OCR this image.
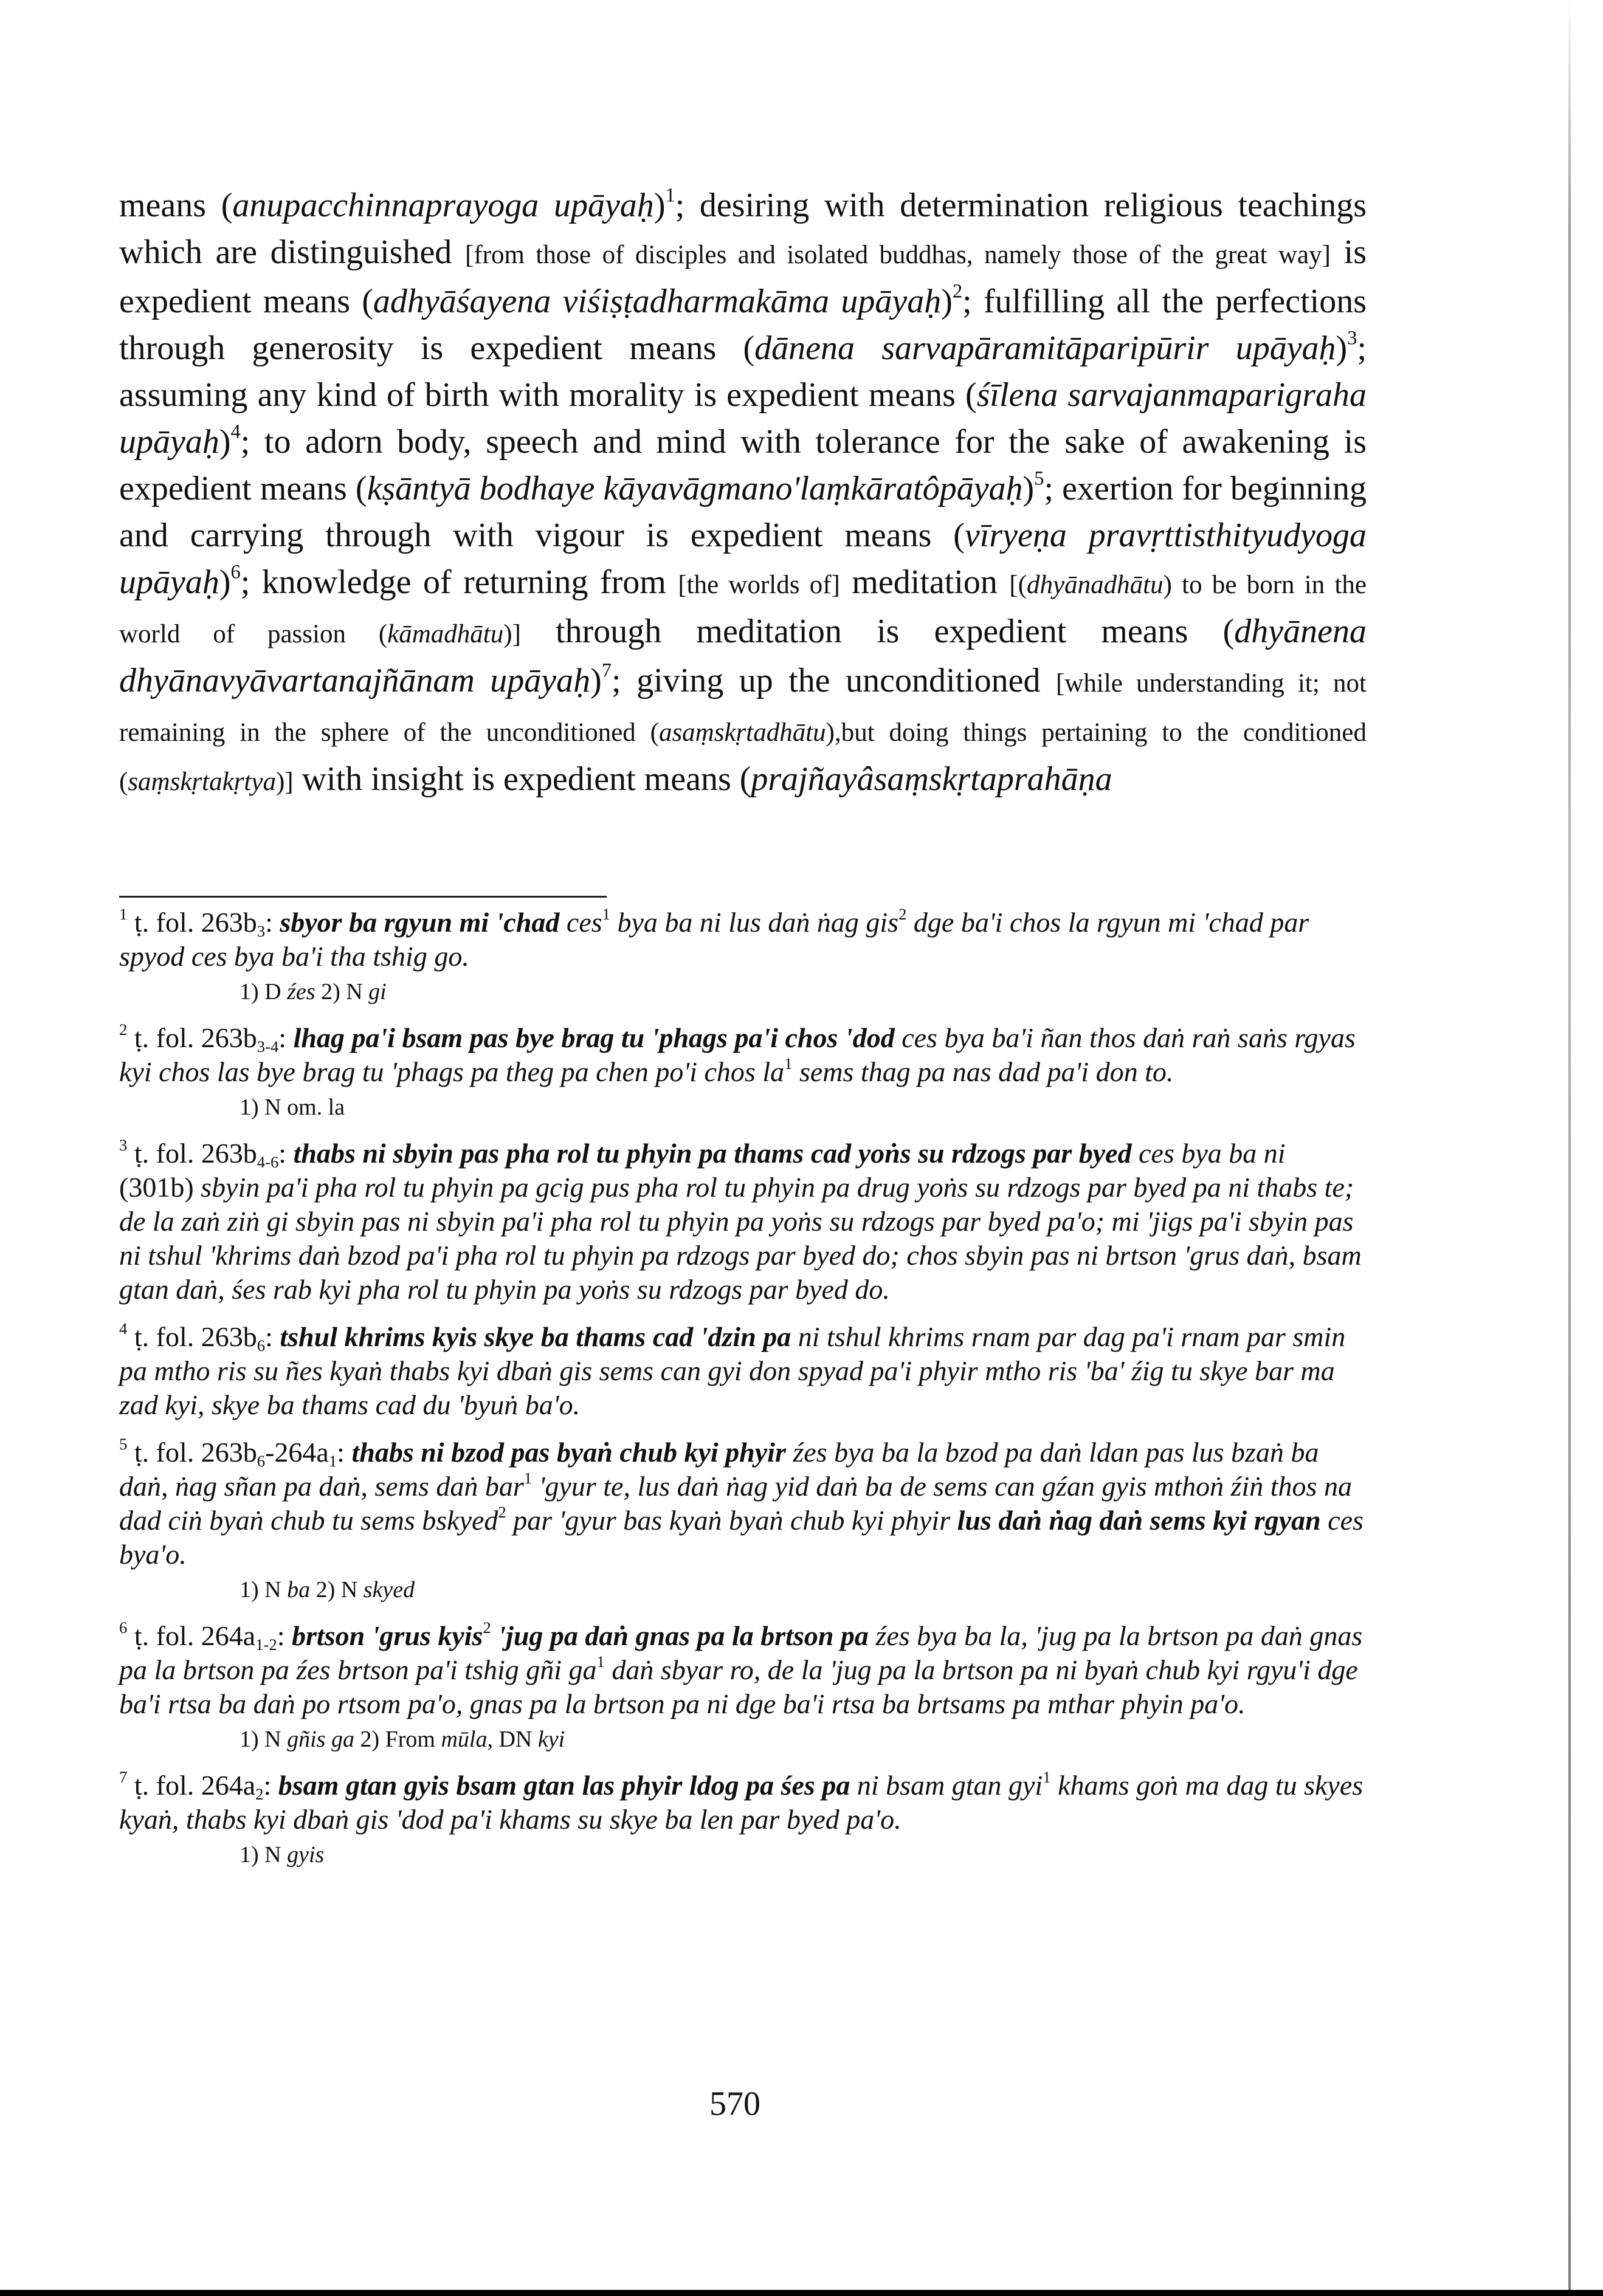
means (anupacchinnaprayoga upāyaḥ)$^1$; desiring with determination religious teachings which are distinguished [from those of disciples and isolated buddhas, namely those of the great way] is expedient means (adhyāśayena viśiṣṭadharmakāma upāyaḥ)$^2$; fulfilling all the perfections through generosity is expedient means (dānena sarvapāramitāparipūrir upāyaḥ)$^3$; assuming any kind of birth with morality is expedient means (śīlena sarvajanmaparigraha upāyaḥ)$^4$; to adorn body, speech and mind with tolerance for the sake of awakening is expedient means (kṣāntyā bodhaye kāyavāgmano'laṃkāratôpāyaḥ)$^5$; exertion for beginning and carrying through with vigour is expedient means (vīryeṇa pravṛttisthityudyoga upāyaḥ)$^6$; knowledge of returning from [the worlds of] meditation [(dhyānadhātu) to be born in the world of passion (kāmadhātu)] through meditation is expedient means (dhyānena dhyānavyāvartanajñānam upāyaḥ)$^7$; giving up the unconditioned [while understanding it; not remaining in the sphere of the unconditioned (asaṃskṛtadhātu),but doing things pertaining to the conditioned (saṃskṛtakṛtya)] with insight is expedient means (prajñayâsaṃskṛtaprahāṇa
$^1$ ṭ. fol. $263b_3$: sbyor ba rgyun mi 'chad ces$^1$ bya ba ni lus daṅ ṅag gis$^2$ dge ba'i chos la rgyun mi 'chad par spyod ces bya ba'i tha tshig go.
1) D źes 2) N gi
$^2$ ṭ. fol. $263b_{3-4}$: lhag pa'i bsam pas bye brag tu 'phags pa'i chos 'dod ces bya ba'i ñan thos daṅ raṅ saṅs rgyas kyi chos las bye brag tu 'phags pa theg pa chen po'i chos $la^1$ sems thag pa nas dad pa'i don to.
1) N om. la
$^3$ ṭ. fol. $263b_{4-6}$: thabs ni sbyin pas pha rol tu phyin pa thams cad yoṅs su rdzogs par byed ces bya ba ni (301b) sbyin pa'i pha rol tu phyin pa gcig pus pha rol tu phyin pa drug yoṅs su rdzogs par byed pa ni thabs te; de la zaṅ ziṅ gi sbyin pas ni sbyin pa'i pha rol tu phyin pa yoṅs su rdzogs par byed pa'o; mi 'jigs pa'i sbyin pas ni tshul 'khrims daṅ bzod pa'i pha rol tu phyin pa rdzogs par byed do; chos sbyin pas ni brtson 'grus daṅ, bsam gtan daṅ, śes rab kyi pha rol tu phyin pa yoṅs su rdzogs par byed do.
$^4$ ṭ. fol. $263b_6$: tshul khrims kyis skye ba thams cad 'dzin pa ni tshul khrims rnam par dag pa'i rnam par smin pa mtho ris su ñes kyaṅ thabs kyi dbaṅ gis sems can gyi don spyad pa'i phyir mtho ris 'ba' źig tu skye bar ma zad kyi, skye ba thams cad du 'byuṅ ba'o.
$^5$ ṭ. fol. $263b_6-264a_1$: thabs ni bzod pas byaṅ chub kyi phyir źes bya ba la bzod pa daṅ ldan pas lus bzaṅ ba daṅ, ṅag sñan pa daṅ, sems daṅ bar$^1$ 'gyur te, lus daṅ ṅag yid daṅ ba de sems can gźan gyis mthoṅ źiṅ thos na dad ciṅ byaṅ chub tu sems bskyed$^2$ par 'gyur bas kyaṅ byaṅ chub kyi phyir lus daṅ ṅag daṅ sems kyi rgyan ces bya'o.
1) N ba 2) N skyed
$^6$ ṭ. fol. $264a_{1-2}$: brtson 'grus kyis$^2$ 'jug pa daṅ gnas pa la brtson pa źes bya ba la, 'jug pa la brtson pa daṅ gnas pa la brtson pa źes brtson pa'i tshig gñi $ga^1$ daṅ sbyar ro, de la 'jug pa la brtson pa ni byaṅ chub kyi rgyu'i dge ba'i rtsa ba daṅ po rtsom pa'o, gnas pa la brtson pa ni dge ba'i rtsa ba brtsams pa mthar phyin pa'o.
1) N gñis ga 2) From mūla, DN kyi
$^7$ ṭ. fol. $264a_2$: bsam gtan gyis bsam gtan las phyir ldog pa śes pa ni bsam gtan gyi$^1$ khams goṅ ma dag tu skyes kyaṅ, thabs kyi dbaṅ gis 'dod pa'i khams su skye ba len par byed pa'o.
1) N gyis
570
